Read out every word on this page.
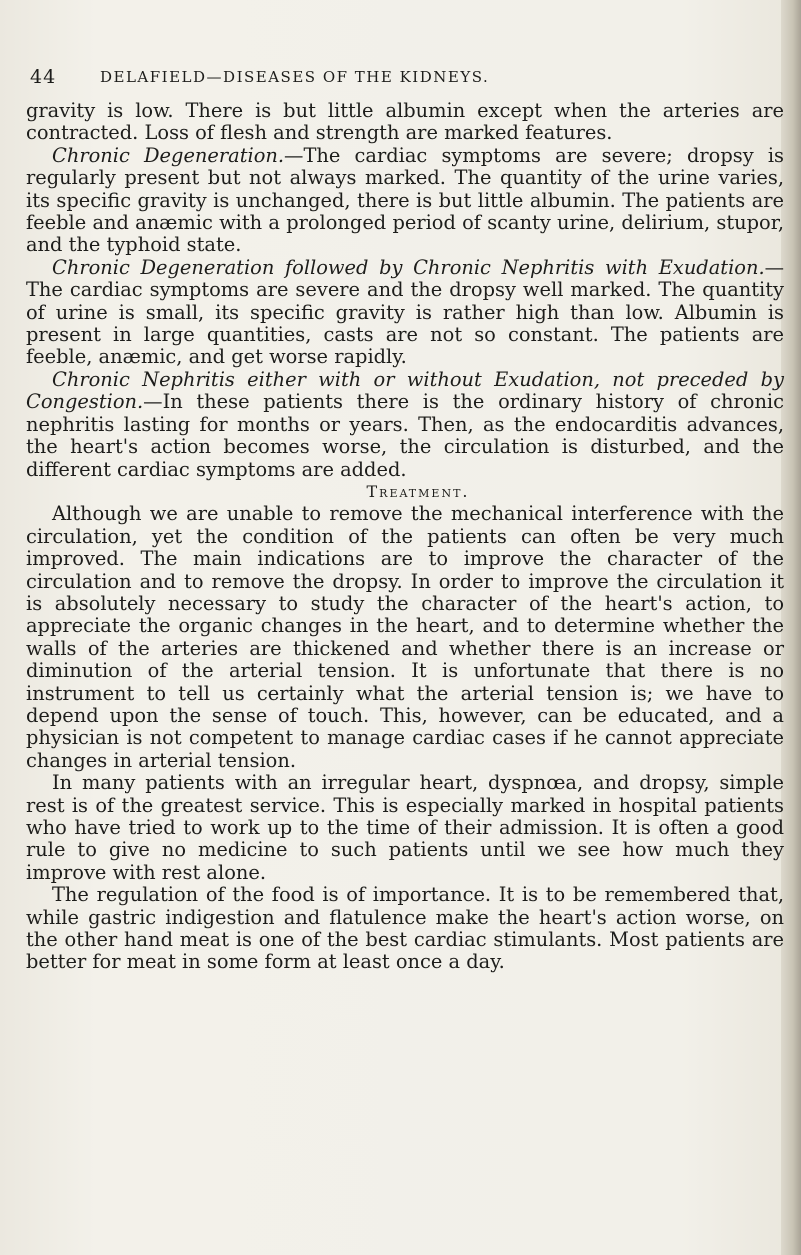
44	DELAFIELD—DISEASES OF THE KIDNEYS.

gravity is low. There is but little albumin except when the arteries are contracted. Loss of flesh and strength are marked features.

Chronic Degeneration.—The cardiac symptoms are severe; dropsy is regularly present but not always marked. The quantity of the urine varies, its specific gravity is unchanged, there is but little albumin. The patients are feeble and anæmic with a prolonged period of scanty urine, delirium, stupor, and the typhoid state.

Chronic Degeneration followed by Chronic Nephritis with Exudation.—The cardiac symptoms are severe and the dropsy well marked. The quantity of urine is small, its specific gravity is rather high than low. Albumin is present in large quantities, casts are not so constant. The patients are feeble, anæmic, and get worse rapidly.

Chronic Nephritis either with or without Exudation, not preceded by Congestion.—In these patients there is the ordinary history of chronic nephritis lasting for months or years. Then, as the endocarditis advances, the heart's action becomes worse, the circulation is disturbed, and the different cardiac symptoms are added.

Treatment.

Although we are unable to remove the mechanical interference with the circulation, yet the condition of the patients can often be very much improved. The main indications are to improve the character of the circulation and to remove the dropsy. In order to improve the circulation it is absolutely necessary to study the character of the heart's action, to appreciate the organic changes in the heart, and to determine whether the walls of the arteries are thickened and whether there is an increase or diminution of the arterial tension. It is unfortunate that there is no instrument to tell us certainly what the arterial tension is; we have to depend upon the sense of touch. This, however, can be educated, and a physician is not competent to manage cardiac cases if he cannot appreciate changes in arterial tension.

In many patients with an irregular heart, dyspnœa, and dropsy, simple rest is of the greatest service. This is especially marked in hospital patients who have tried to work up to the time of their admission. It is often a good rule to give no medicine to such patients until we see how much they improve with rest alone.

The regulation of the food is of importance. It is to be remembered that, while gastric indigestion and flatulence make the heart's action worse, on the other hand meat is one of the best cardiac stimulants. Most patients are better for meat in some form at least once a day.
